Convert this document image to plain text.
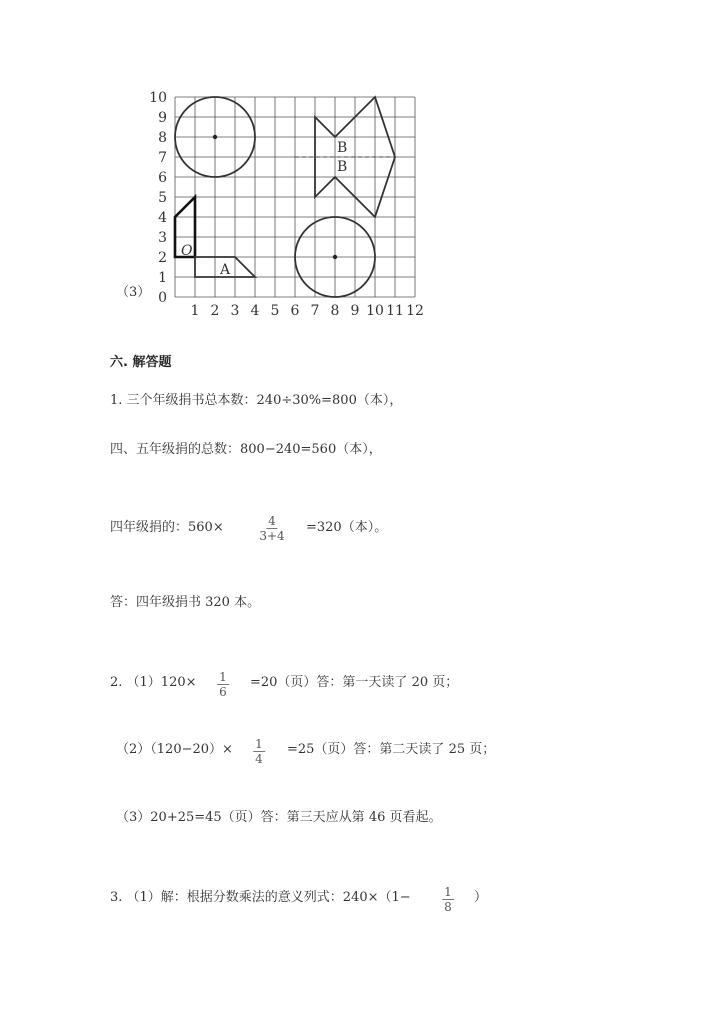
（3）
1 2 3 4 5 6 7 8 9 10 11 12
0
1
2
3
4
5
6
7
8
9
10
O
A
B
B
六. 解答题
1. 三个年级捐书总本数：240÷30%=800（本），
四、五年级捐的总数：800−240=560（本），
四年级捐的：560×	$\frac{4}{3+4} =320$（本）。
答：四年级捐书 320 本。
2. $(1)120\times \frac{1}{6} =20$（页）答：第一天读了 20 页；
$(2)(120-20)\times \frac{1}{4} =25$（页）答：第二天读了 25 页；
（3）20+25=45（页）答：第三天应从第 46 页看起。
3. （1）解：根据分数乘法的意义列式：240×（1−	$\frac{1}{8}$ ）
